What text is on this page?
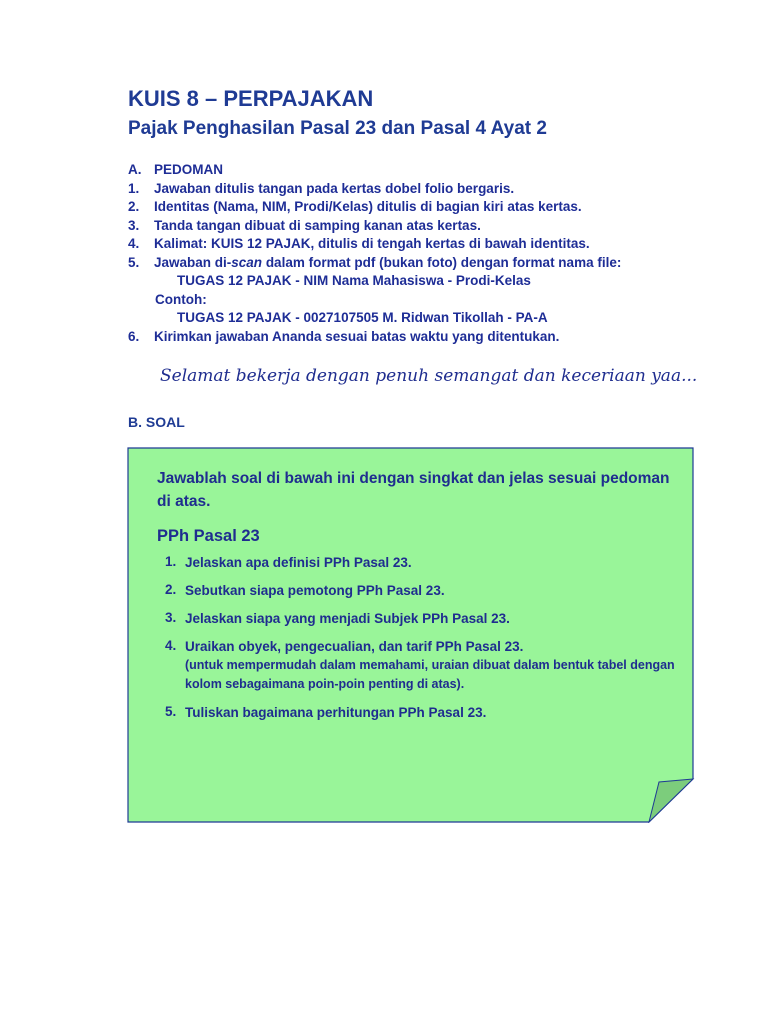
KUIS 8 – PERPAJAKAN
Pajak Penghasilan Pasal 23 dan Pasal 4 Ayat 2
A. PEDOMAN
1.	Jawaban ditulis tangan pada kertas dobel folio bergaris.
2.	Identitas (Nama, NIM, Prodi/Kelas) ditulis di bagian kiri atas kertas.
3.	Tanda tangan dibuat di samping kanan atas kertas.
4.	Kalimat: KUIS 12 PAJAK, ditulis di tengah kertas di bawah identitas.
5.	Jawaban di-scan dalam format pdf (bukan foto) dengan format nama file:
TUGAS 12 PAJAK - NIM Nama Mahasiswa - Prodi-Kelas
Contoh:
TUGAS 12 PAJAK - 0027107505 M. Ridwan Tikollah - PA-A
6.	Kirimkan jawaban Ananda sesuai batas waktu yang ditentukan.
Selamat bekerja dengan penuh semangat dan keceriaan yaa...
B. SOAL

Jawablah soal di bawah ini dengan singkat dan jelas sesuai pedoman di atas.

PPh Pasal 23
1. Jelaskan apa definisi PPh Pasal 23.
2. Sebutkan siapa pemotong PPh Pasal 23.
3. Jelaskan siapa yang menjadi Subjek PPh Pasal 23.
4. Uraikan obyek, pengecualian, dan tarif PPh Pasal 23.
(untuk mempermudah dalam memahami, uraian dibuat dalam bentuk tabel dengan kolom sebagaimana poin-poin penting di atas).
5. Tuliskan bagaimana perhitungan PPh Pasal 23.
